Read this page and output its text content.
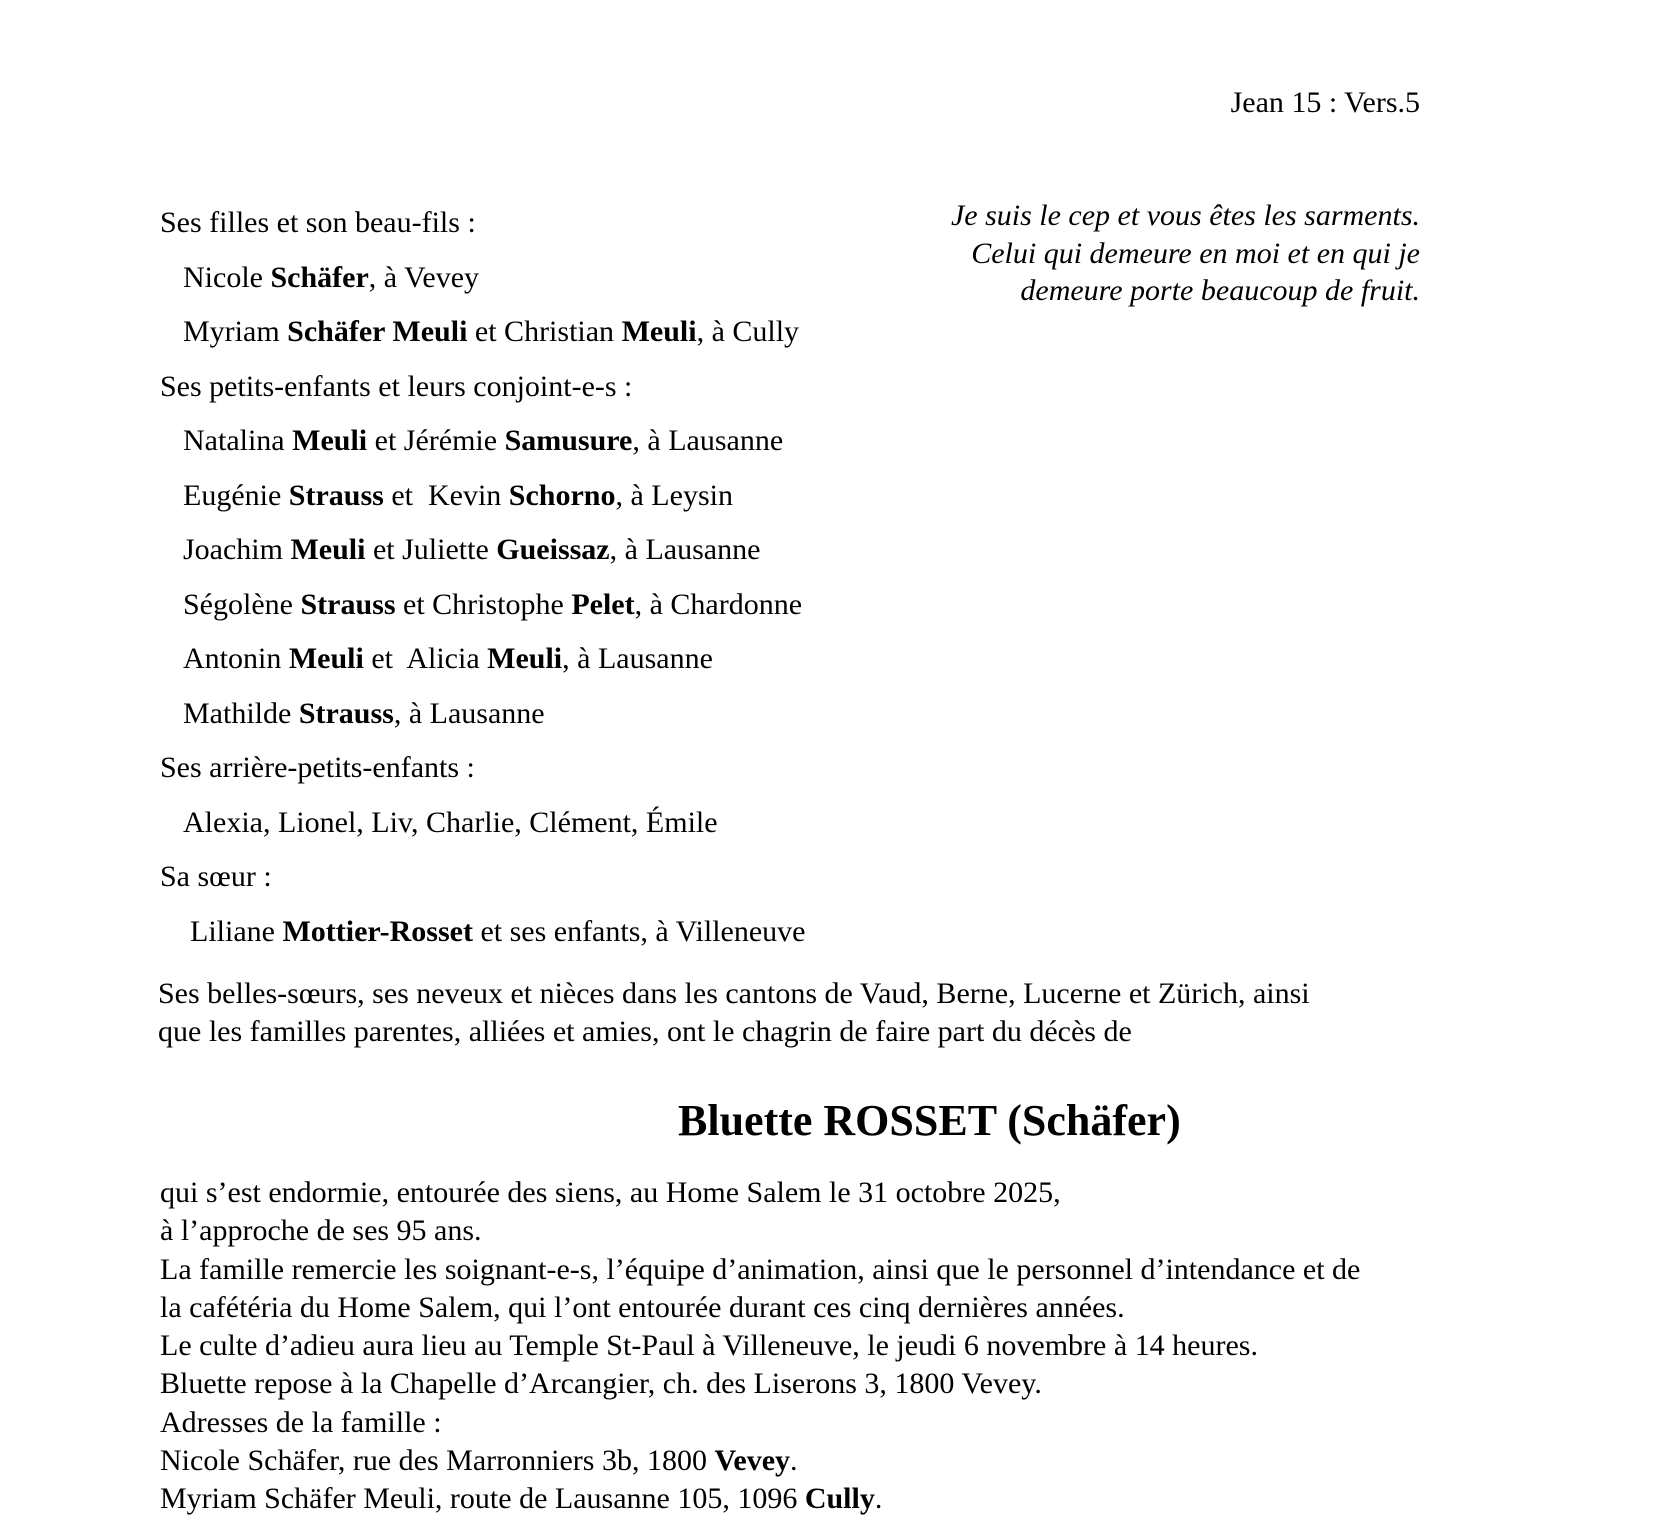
Jean 15 : Vers.5

Je suis le cep et vous êtes les sarments.
Celui qui demeure en moi et en qui je
demeure porte beaucoup de fruit.

Ses filles et son beau-fils :
Nicole Schäfer, à Vevey
Myriam Schäfer Meuli et Christian Meuli, à Cully
Ses petits-enfants et leurs conjoint-e-s :
Natalina Meuli et Jérémie Samusure, à Lausanne
Eugénie Strauss et  Kevin Schorno, à Leysin
Joachim Meuli et Juliette Gueissaz, à Lausanne
Ségolène Strauss et Christophe Pelet, à Chardonne
Antonin Meuli et  Alicia Meuli, à Lausanne
Mathilde Strauss, à Lausanne
Ses arrière-petits-enfants :
Alexia, Lionel, Liv, Charlie, Clément, Émile
Sa sœur :
Liliane Mottier-Rosset et ses enfants, à Villeneuve
Ses belles-sœurs, ses neveux et nièces dans les cantons de Vaud, Berne, Lucerne et Zürich, ainsi
que les familles parentes, alliées et amies, ont le chagrin de faire part du décès de
Bluette ROSSET (Schäfer)
qui s’est endormie, entourée des siens, au Home Salem le 31 octobre 2025,
à l’approche de ses 95 ans.
La famille remercie les soignant-e-s, l’équipe d’animation, ainsi que le personnel d’intendance et de
la cafétéria du Home Salem, qui l’ont entourée durant ces cinq dernières années.
Le culte d’adieu aura lieu au Temple St-Paul à Villeneuve, le jeudi 6 novembre à 14 heures.
Bluette repose à la Chapelle d’Arcangier, ch. des Liserons 3, 1800 Vevey.
Adresses de la famille :
Nicole Schäfer, rue des Marronniers 3b, 1800 Vevey.
Myriam Schäfer Meuli, route de Lausanne 105, 1096 Cully.
